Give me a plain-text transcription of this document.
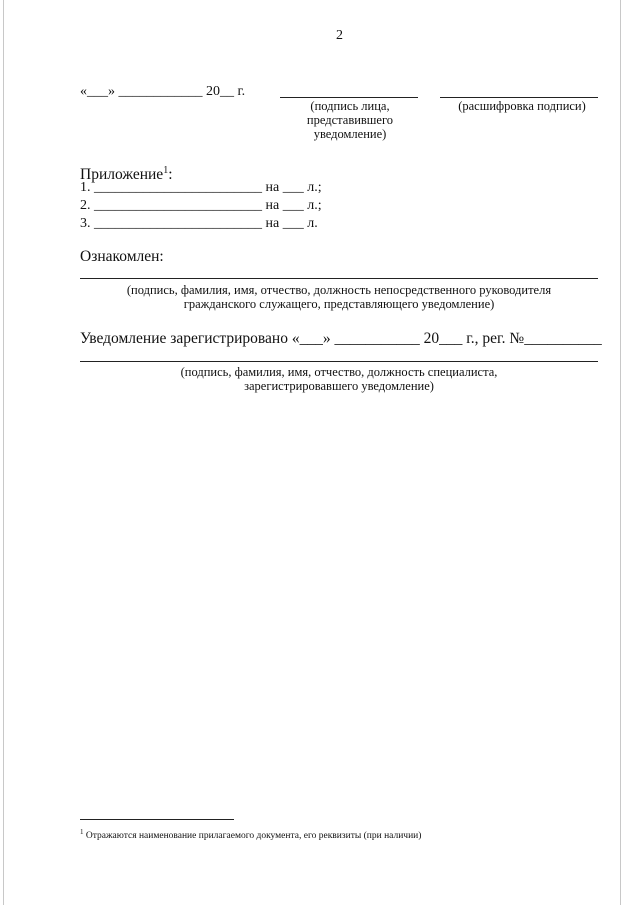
2
«___» ____________ 20__ г.
(подпись лица, представившего уведомление)
(расшифровка подписи)
Приложение$^1$:
1. ________________________ на ___ л.;
2. ________________________ на ___ л.;
3. ________________________ на ___ л.
Ознакомлен:
(подпись, фамилия, имя, отчество, должность непосредственного руководителя
гражданского служащего, представляющего уведомление)
Уведомление зарегистрировано «___» ___________ 20___ г., рег. №__________
(подпись, фамилия, имя, отчество, должность специалиста,
зарегистрировавшего уведомление)
$^1$ Отражаются наименование прилагаемого документа, его реквизиты (при наличии)
